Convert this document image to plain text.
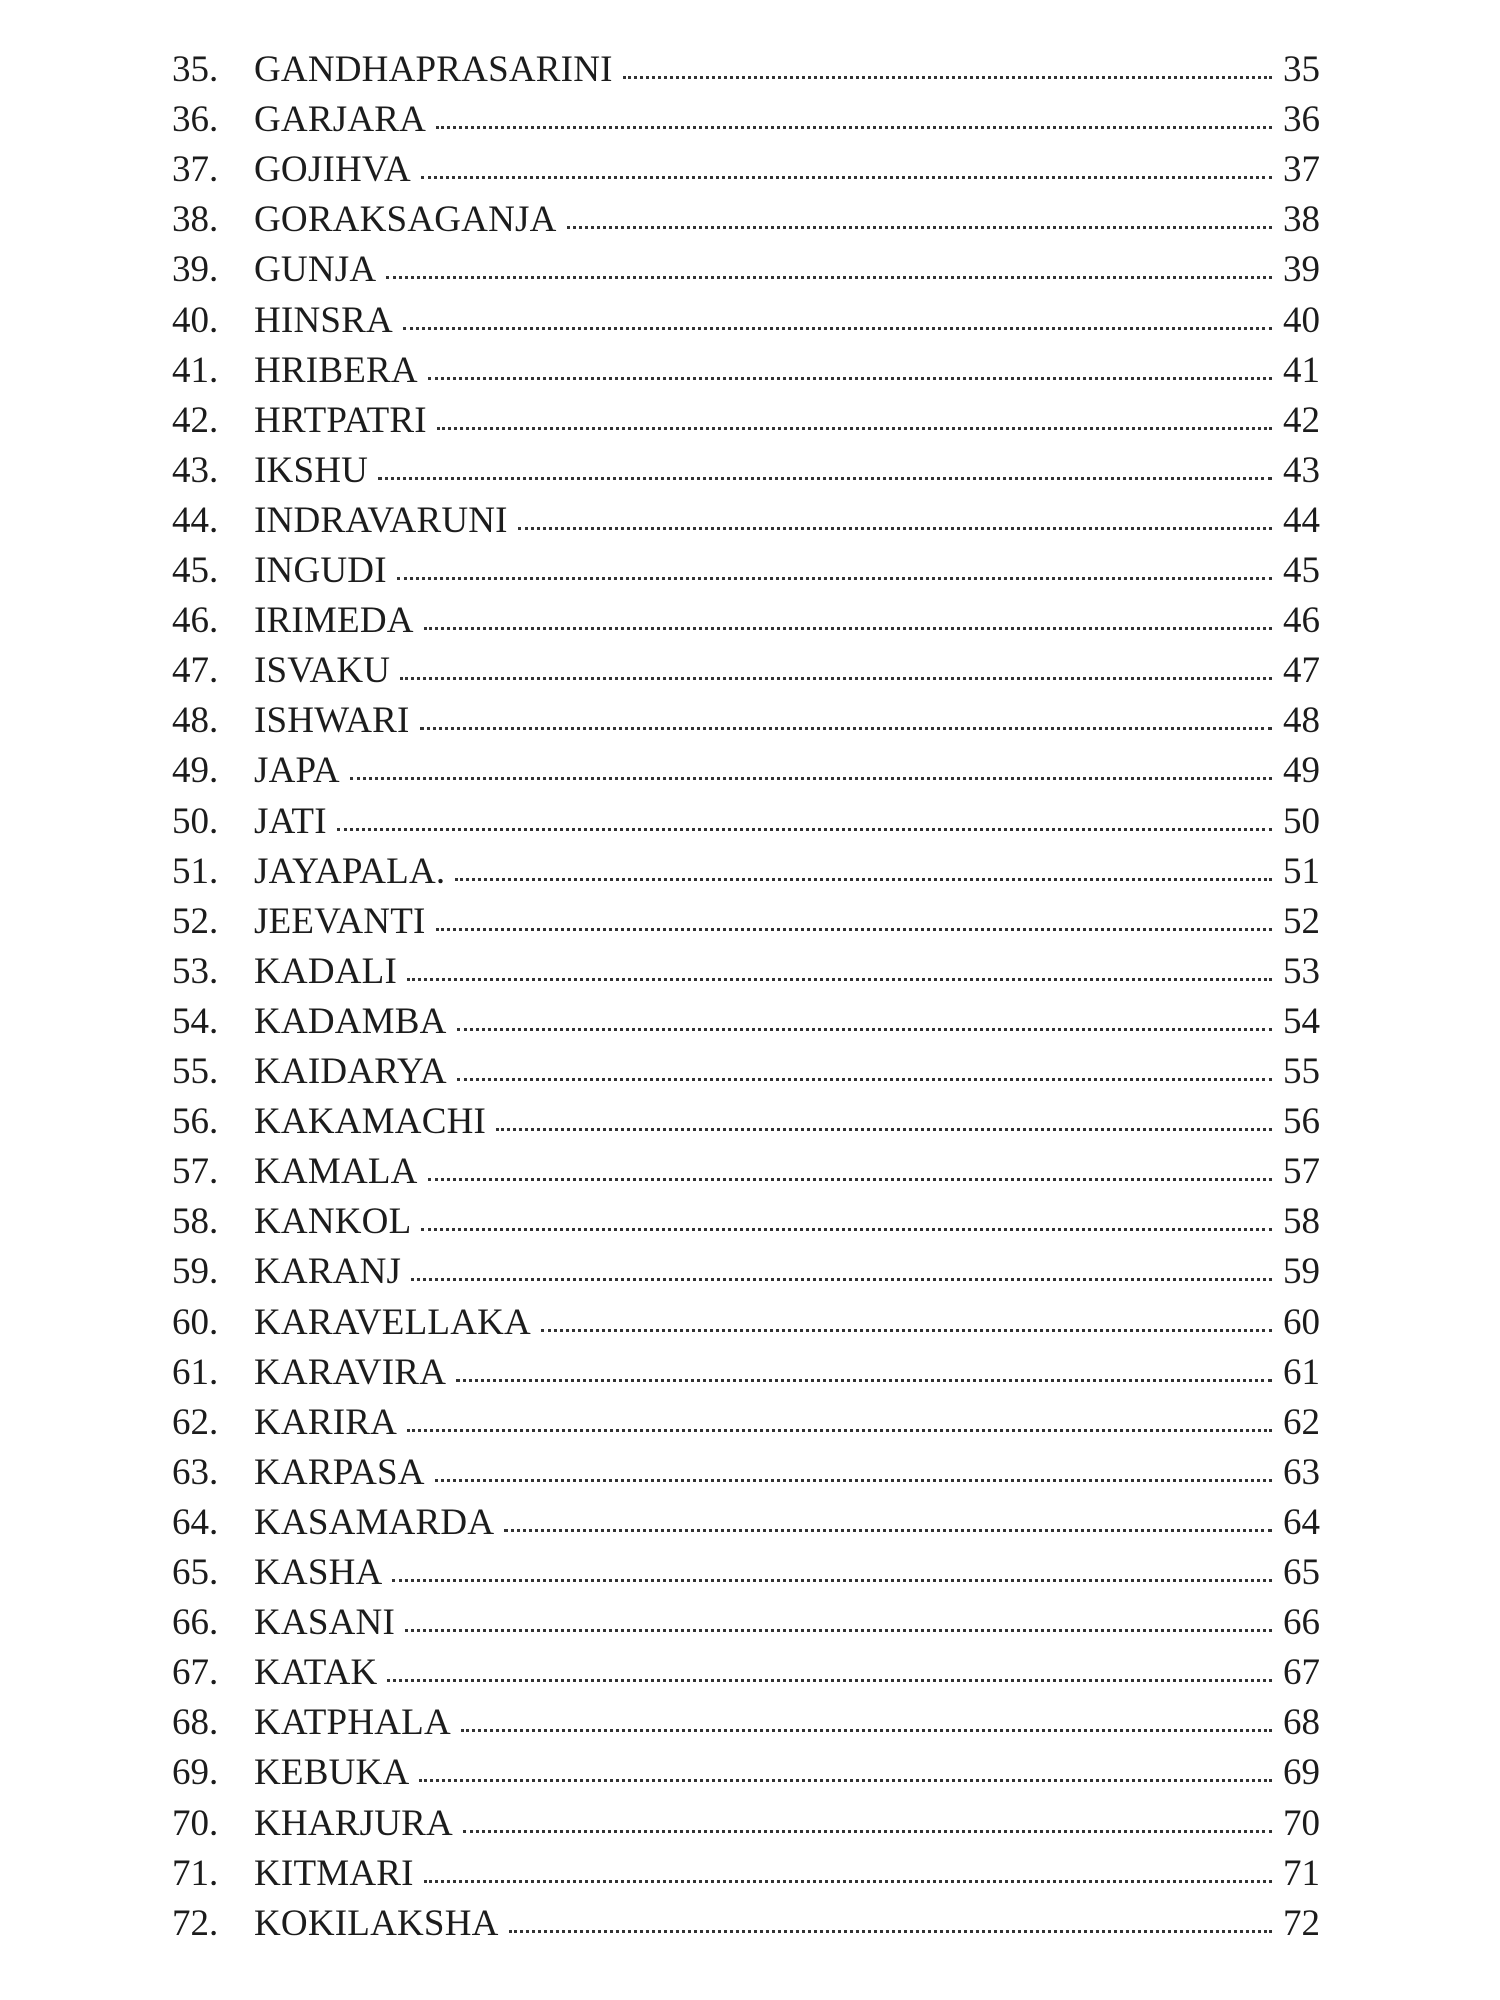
35. GANDHAPRASARINI	35
36. GARJARA	36
37. GOJIHVA	37
38. GORAKSAGANJA	38
39. GUNJA	39
40. HINSRA	40
41. HRIBERA	41
42. HRTPATRI	42
43. IKSHU	43
44. INDRAVARUNI	44
45. INGUDI	45
46. IRIMEDA	46
47. ISVAKU	47
48. ISHWARI	48
49. JAPA	49
50. JATI	50
51. JAYAPALA.	51
52. JEEVANTI	52
53. KADALI	53
54. KADAMBA	54
55. KAIDARYA	55
56. KAKAMACHI	56
57. KAMALA	57
58. KANKOL	58
59. KARANJ	59
60. KARAVELLAKA	60
61. KARAVIRA	61
62. KARIRA	62
63. KARPASA	63
64. KASAMARDA	64
65. KASHA	65
66. KASANI	66
67. KATAK	67
68. KATPHALA	68
69. KEBUKA	69
70. KHARJURA	70
71. KITMARI	71
72. KOKILAKSHA	72
